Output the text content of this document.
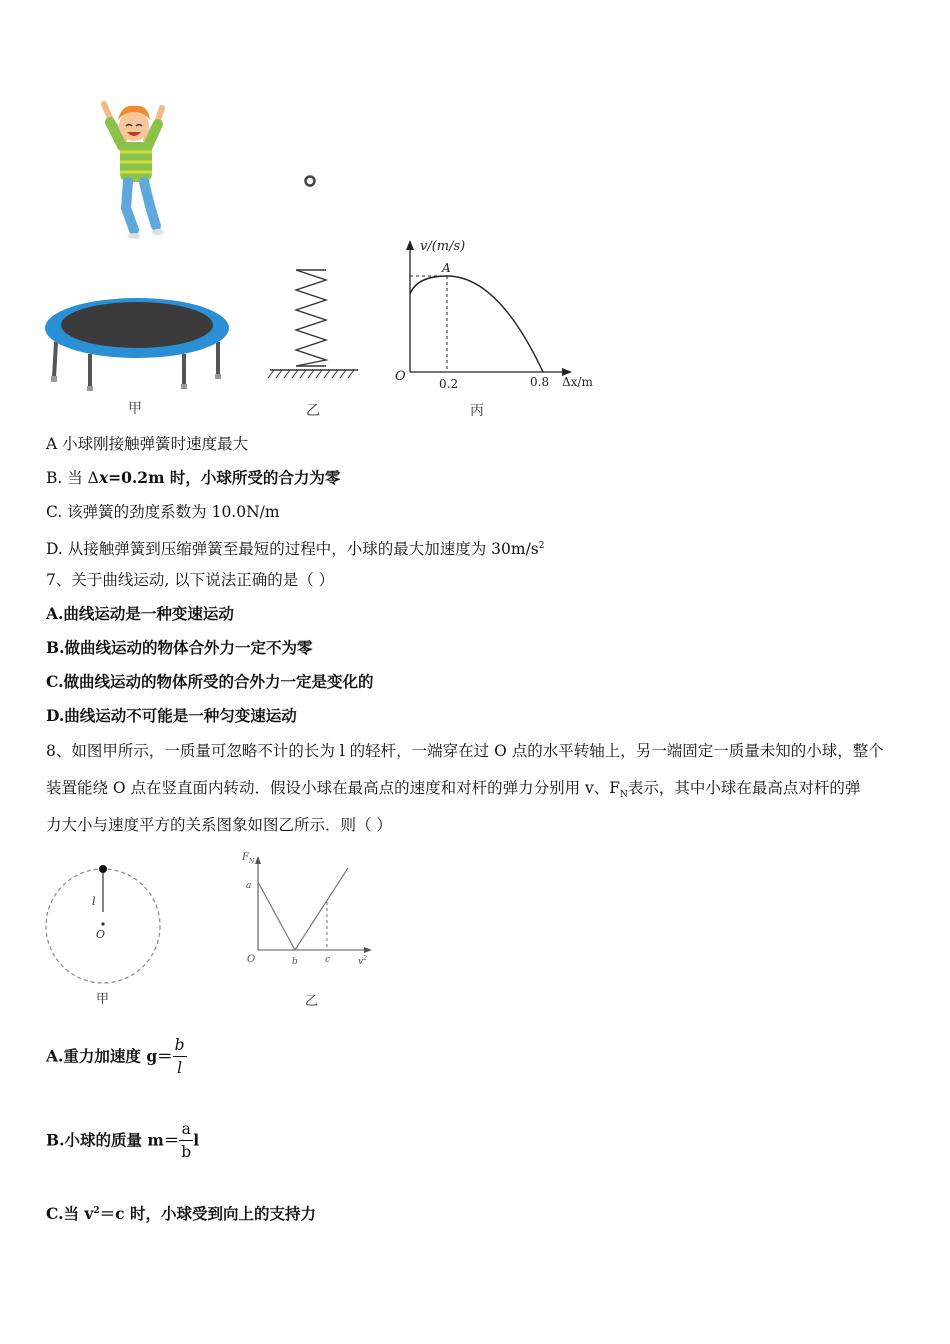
v/(m/s)
A
O	0.2	0.8 Δx/m
甲	乙	丙
A 小球刚接触弹簧时速度最大
B. 当 Δx=0.2m 时，小球所受的合力为零
C. 该弹簧的劲度系数为 10.0N/m
D. 从接触弹簧到压缩弹簧至最短的过程中，小球的最大加速度为 $30m/s^2$
7、关于曲线运动, 以下说法正确的是（ ）
A.曲线运动是一种变速运动
B.做曲线运动的物体合外力一定不为零
C.做曲线运动的物体所受的合外力一定是变化的
D.曲线运动不可能是一种匀变速运动
8、如图甲所示，一质量可忽略不计的长为 l 的轻杆，一端穿在过 O 点的水平转轴上，另一端固定一质量未知的小球，整个
装置能绕 O 点在竖直面内转动．假设小球在最高点的速度和对杆的弹力分别用 v、$F_N$表示，其中小球在最高点对杆的弹
力大小与速度平方的关系图象如图乙所示．则（ ）
l
O
$F_N$
a
O	b	c	$v^2$
甲	乙
A.重力加速度 $g= \frac{b}{l}$
B.小球的质量 $m= \frac{a}{b}$ l
C.当 $v^2=c$ 时，小球受到向上的支持力
